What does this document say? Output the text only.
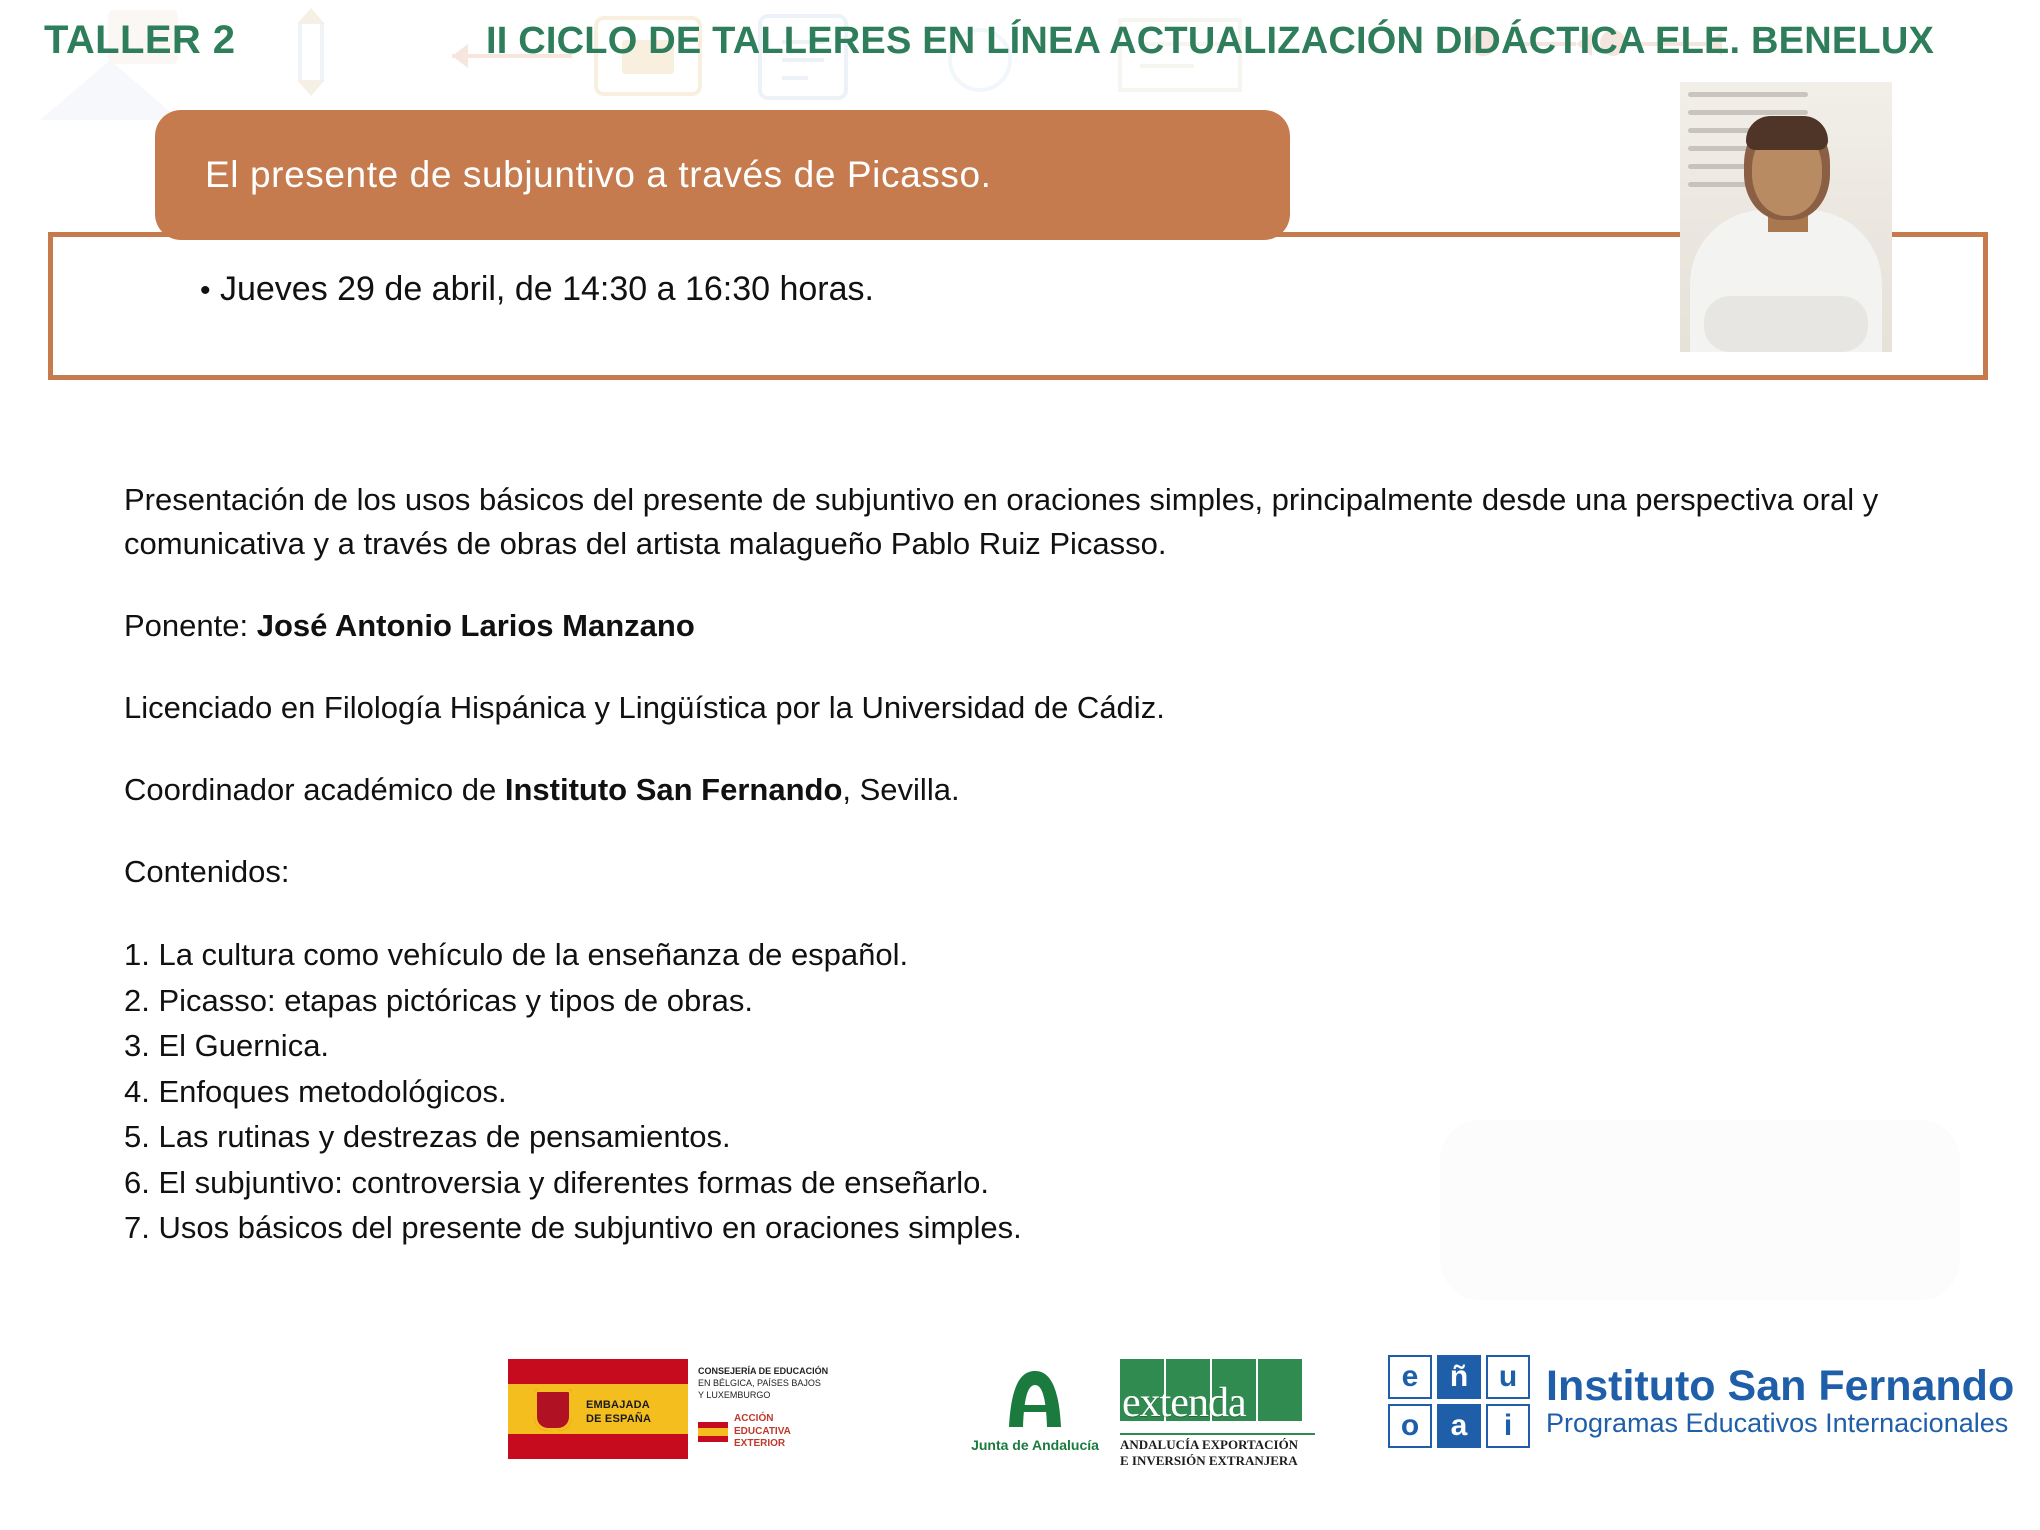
TALLER 2	II CICLO DE TALLERES EN LÍNEA ACTUALIZACIÓN DIDÁCTICA ELE. BENELUX
El presente de subjuntivo a través de Picasso.
• Jueves 29 de abril, de 14:30 a 16:30 horas.

Presentación de los usos básicos del presente de subjuntivo en oraciones simples, principalmente desde una perspectiva oral y comunicativa y a través de obras del artista malagueño Pablo Ruiz Picasso.

Ponente: José Antonio Larios Manzano

Licenciado en Filología Hispánica y Lingüística por la Universidad de Cádiz.

Coordinador académico de Instituto San Fernando, Sevilla.

Contenidos:

1. La cultura como vehículo de la enseñanza de español.
2. Picasso: etapas pictóricas y tipos de obras.
3. El Guernica.
4. Enfoques metodológicos.
5. Las rutinas y destrezas de pensamientos.
6. El subjuntivo: controversia y diferentes formas de enseñarlo.
7. Usos básicos del presente de subjuntivo en oraciones simples.
EMBAJADA
DE ESPAÑA
CONSEJERÍA DE EDUCACIÓN
EN BÉLGICA, PAÍSES BAJOS
Y LUXEMBURGO
ACCIÓN
EDUCATIVA
EXTERIOR	Junta de Andalucía
extenda
ANDALUCÍA EXPORTACIÓN
E INVERSIÓN EXTRANJERA
e	ñ	u
o	a	i
Instituto San Fernando
Programas Educativos Internacionales
